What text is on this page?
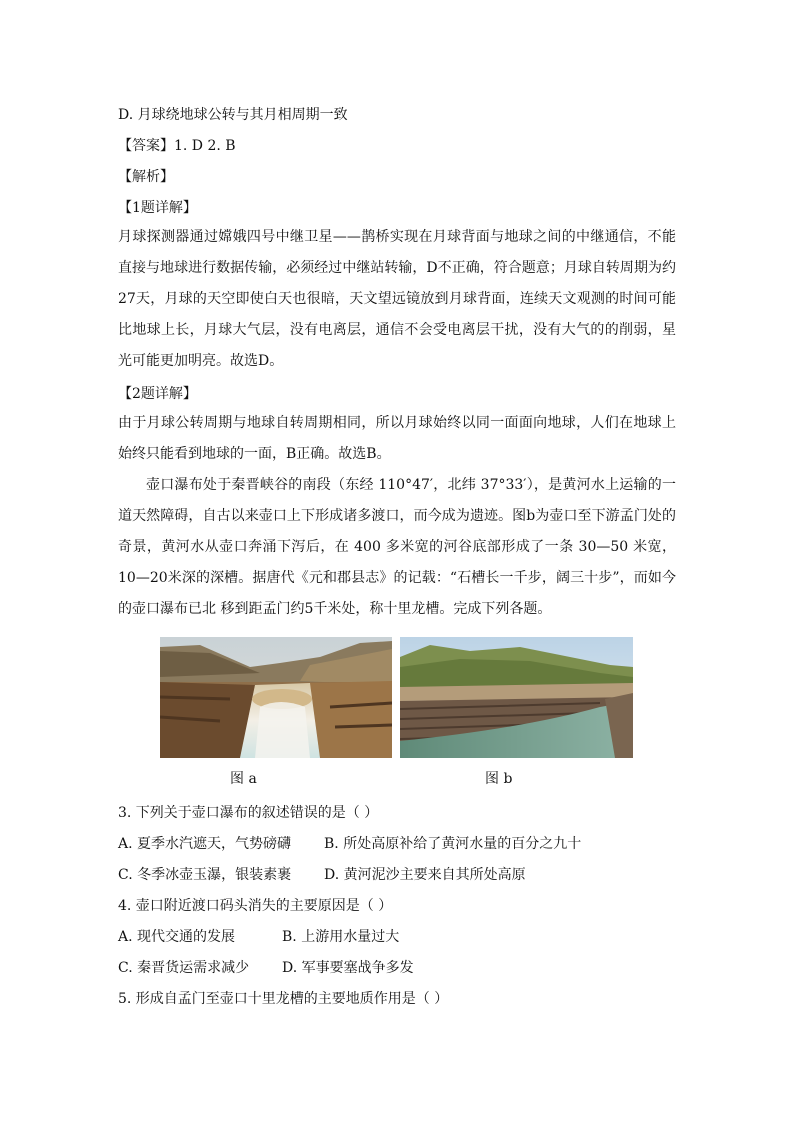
D. 月球绕地球公转与其月相周期一致
【答案】1. D 2. B
【解析】
【1题详解】
月球探测器通过嫦娥四号中继卫星——鹊桥实现在月球背面与地球之间的中继通信，不能直接与地球进行数据传输，必须经过中继站转输，D不正确，符合题意；月球自转周期为约27天，月球的天空即使白天也很暗，天文望远镜放到月球背面，连续天文观测的时间可能比地球上长，月球大气层，没有电离层，通信不会受电离层干扰，没有大气的的削弱，星光可能更加明亮。故选D。
【2题详解】
由于月球公转周期与地球自转周期相同，所以月球始终以同一面面向地球，人们在地球上始终只能看到地球的一面，B正确。故选B。
壶口瀑布处于秦晋峡谷的南段（东经 110°47′，北纬 37°33′），是黄河水上运输的一道天然障碍，自古以来壶口上下形成诸多渡口，而今成为遗迹。图b为壶口至下游孟门处的奇景，黄河水从壶口奔涌下泻后，在 400 多米宽的河谷底部形成了一条 30—50 米宽，10—20米深的深槽。据唐代《元和郡县志》的记载：“石槽长一千步，阔三十步”，而如今的壶口瀑布已北 移到距孟门约5千米处，称十里龙槽。完成下列各题。
图 a	图 b
3. 下列关于壶口瀑布的叙述错误的是（ ）
A. 夏季水汽遮天，气势磅礴 B. 所处高原补给了黄河水量的百分之九十
C. 冬季冰壶玉瀑，银装素裹 D. 黄河泥沙主要来自其所处高原
4. 壶口附近渡口码头消失的主要原因是（ ）
A. 现代交通的发展	B. 上游用水量过大
C. 秦晋货运需求减少 D. 军事要塞战争多发
5. 形成自孟门至壶口十里龙槽的主要地质作用是（ ）
